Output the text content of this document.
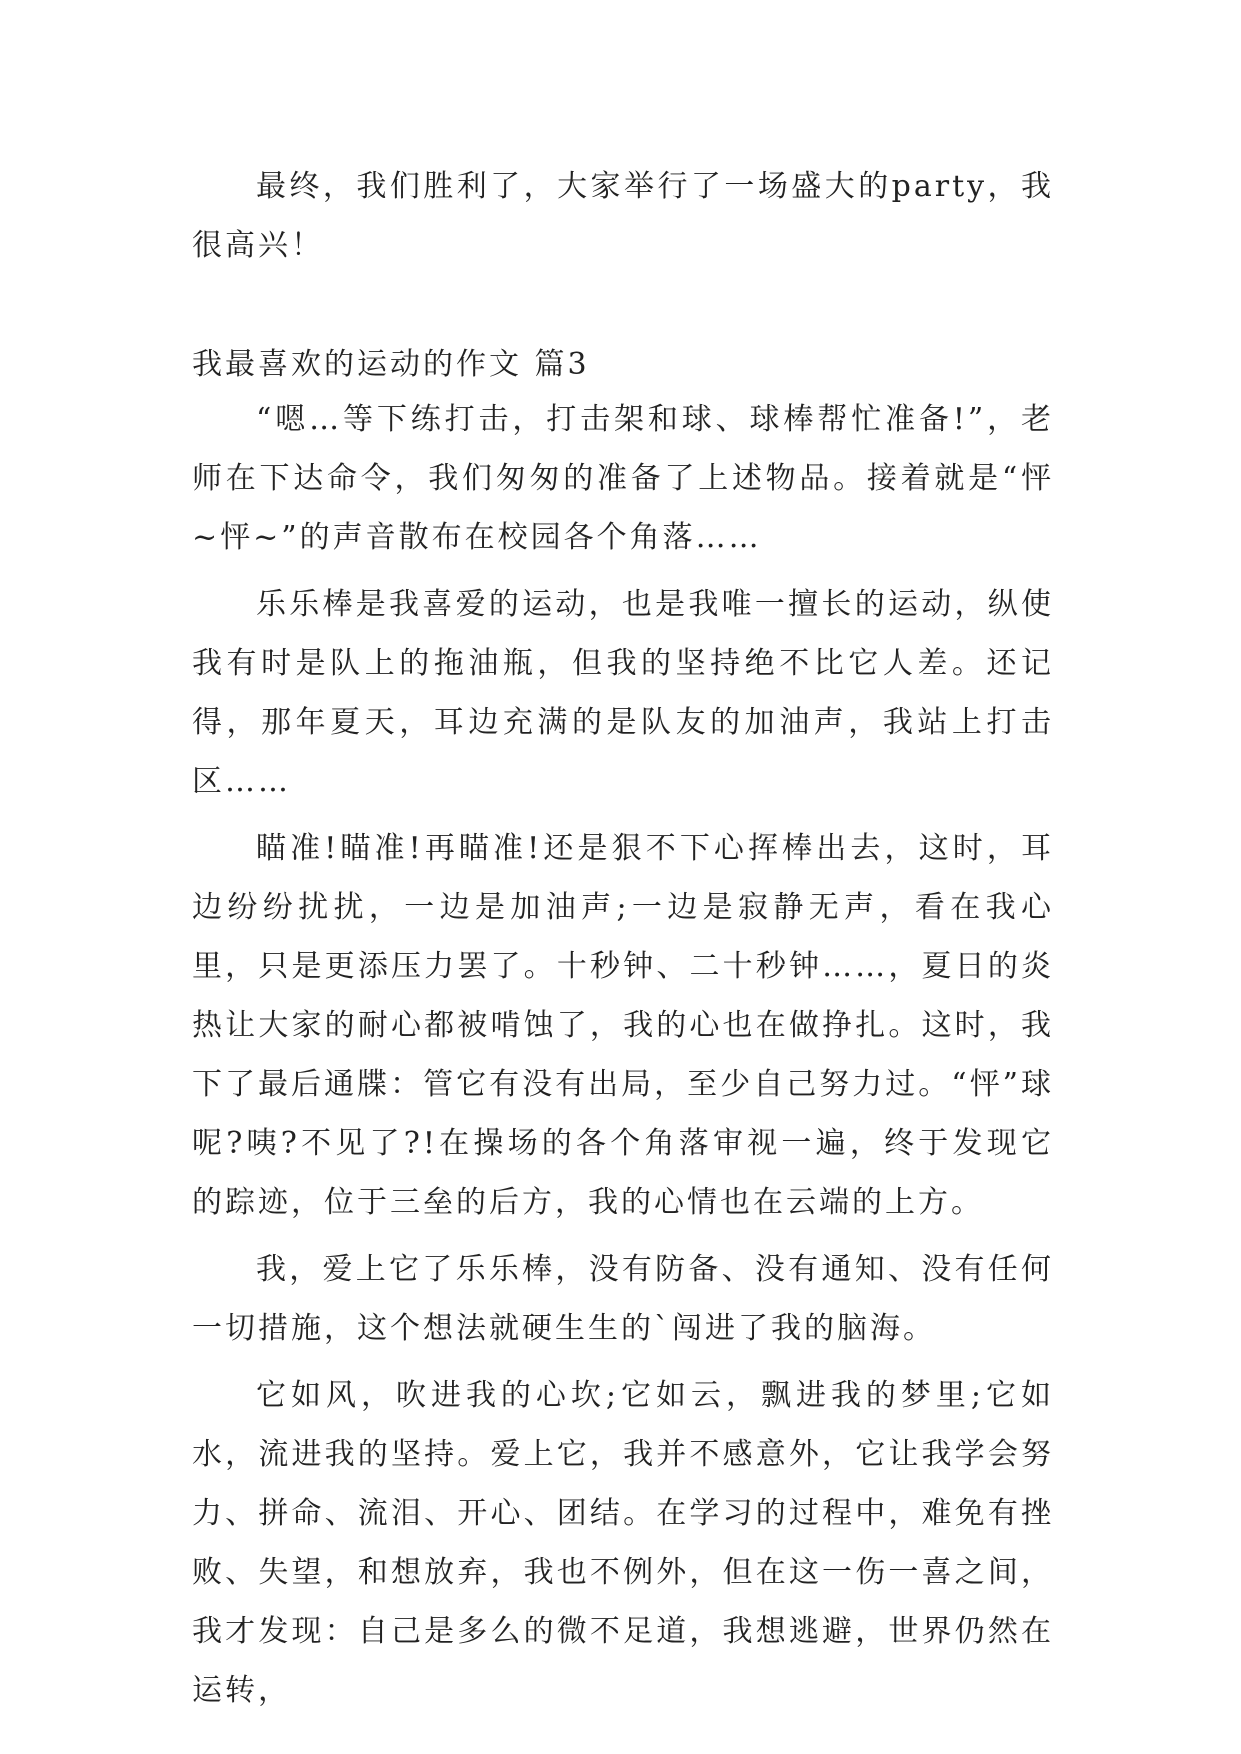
最终，我们胜利了，大家举行了一场盛大的party，我很高兴！

我最喜欢的运动的作文 篇3

“嗯…等下练打击，打击架和球、球棒帮忙准备!”，老师在下达命令，我们匆匆的准备了上述物品。接着就是“怦~怦~”的声音散布在校园各个角落……

乐乐棒是我喜爱的运动，也是我唯一擅长的运动，纵使我有时是队上的拖油瓶，但我的坚持绝不比它人差。还记得，那年夏天，耳边充满的是队友的加油声，我站上打击区……

瞄准!瞄准!再瞄准!还是狠不下心挥棒出去，这时，耳边纷纷扰扰，一边是加油声;一边是寂静无声，看在我心里，只是更添压力罢了。十秒钟、二十秒钟……，夏日的炎热让大家的耐心都被啃蚀了，我的心也在做挣扎。这时，我下了最后通牒：管它有没有出局，至少自己努力过。“怦”球呢?咦?不见了?!在操场的各个角落审视一遍，终于发现它的踪迹，位于三垒的后方，我的心情也在云端的上方。

我，爱上它了乐乐棒，没有防备、没有通知、没有任何一切措施，这个想法就硬生生的`闯进了我的脑海。

它如风，吹进我的心坎;它如云，飘进我的梦里;它如水，流进我的坚持。爱上它，我并不感意外，它让我学会努力、拼命、流泪、开心、团结。在学习的过程中，难免有挫败、失望，和想放弃，我也不例外，但在这一伤一喜之间，我才发现：自己是多么的微不足道，我想逃避，世界仍然在运转，
